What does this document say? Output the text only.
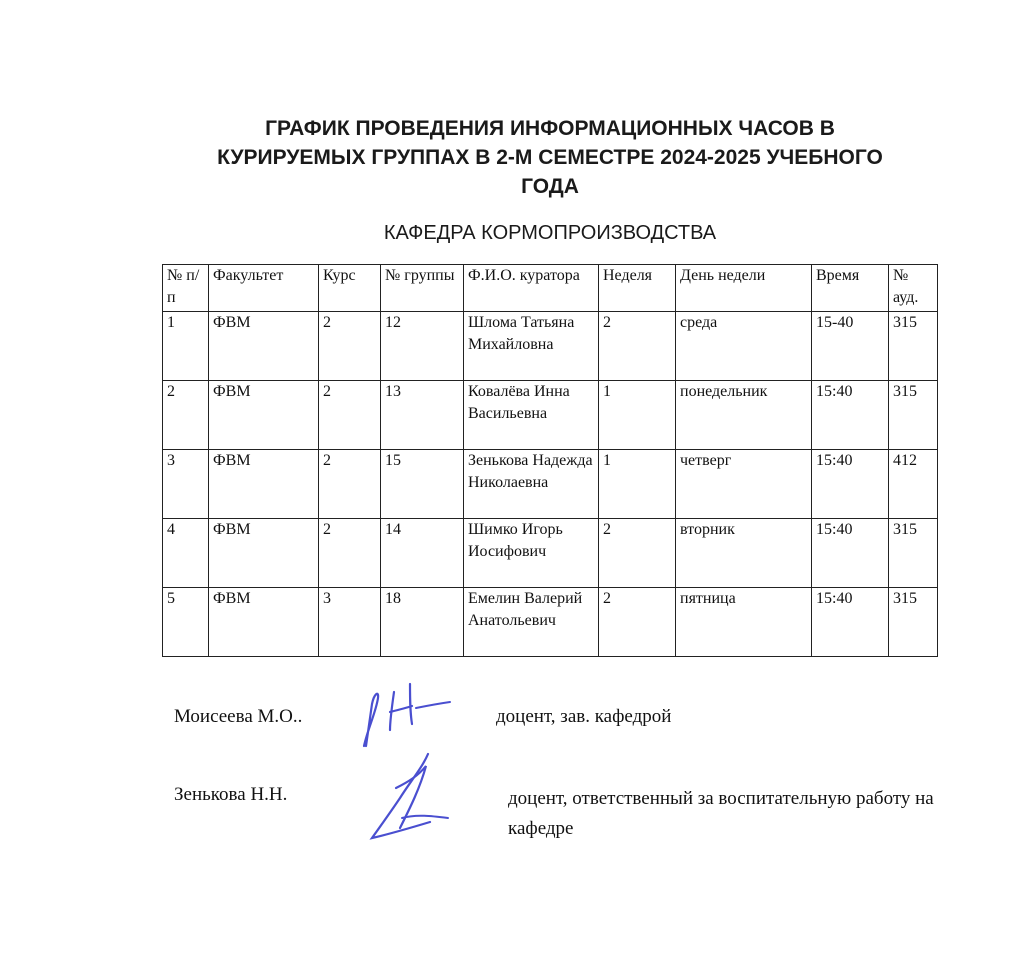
ГРАФИК ПРОВЕДЕНИЯ ИНФОРМАЦИОННЫХ ЧАСОВ В
КУРИРУЕМЫХ ГРУППАХ В 2-М СЕМЕСТРЕ 2024-2025 УЧЕБНОГО
ГОДА
КАФЕДРА КОРМОПРОИЗВОДСТВА
№ п/п	Факультет	Курс	№ группы	Ф.И.О. куратора	Неделя	День недели	Время	№ ауд.
1	ФВМ	2	12	Шлома Татьяна Михайловна	2	среда	15-40	315
2	ФВМ	2	13	Ковалёва Инна Васильевна	1	понедельник	15:40	315
3	ФВМ	2	15	Зенькова Надежда Николаевна	1	четверг	15:40	412
4	ФВМ	2	14	Шимко Игорь Иосифович	2	вторник	15:40	315
5	ФВМ	3	18	Емелин Валерий Анатольевич	2	пятница	15:40	315
Моисеева М.О..	доцент, зав. кафедрой
Зенькова Н.Н.	доцент, ответственный за воспитательную работу на кафедре
